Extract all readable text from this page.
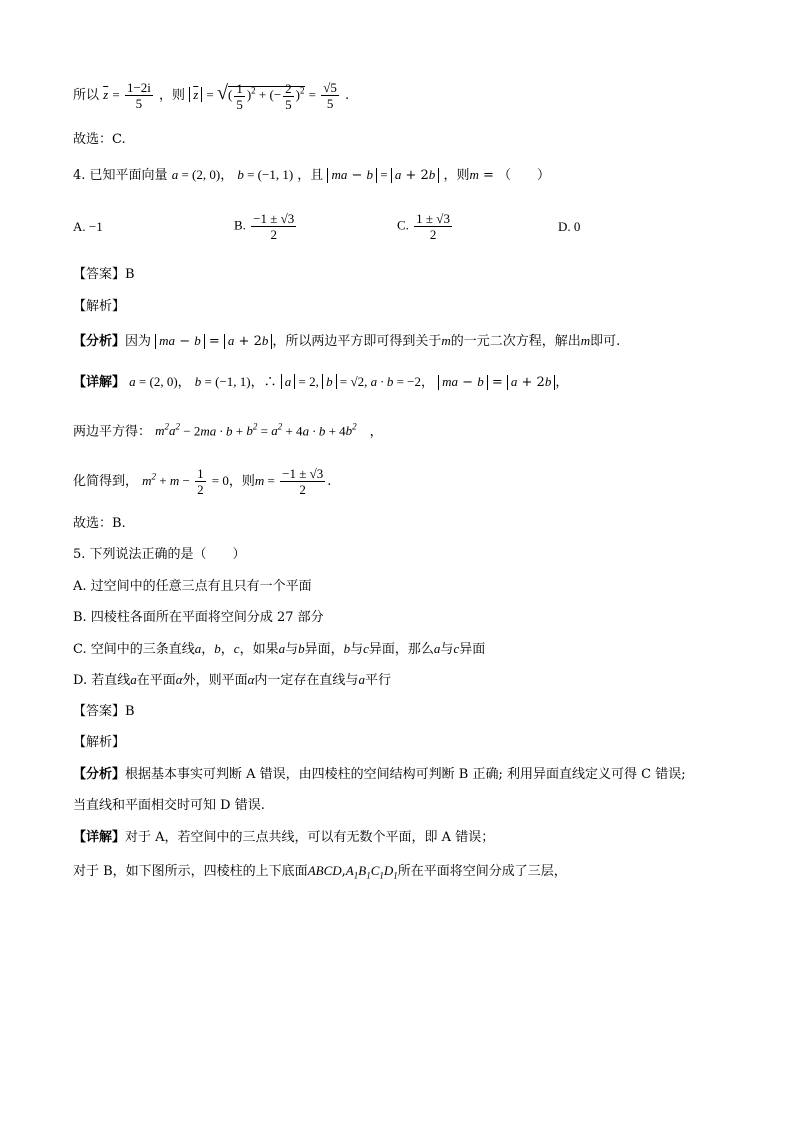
所以 $\overline{z} = \frac{1-2i}{5}$ ，则 $\overline{z}$ = √( $\frac{1}{5} )^2$ + (− $\frac{2}{5} )^2 = \frac{√5}{5}$ .
故选：C.
4. 已知平面向量 a = (2, 0)， b = (−1, 1) ，且 ma − b = a + 2b ，则m = （　　）
A. −1	B. $\frac{-1 \pm √3}{2}$	C. $\frac{1 \pm √3}{2}$	D. 0
【答案】B
【解析】
【分析】因为 ma − b = a + 2b ，所以两边平方即可得到关于m的一元二次方程，解出m即可.
【详解】 a = (2, 0)， b = (−1, 1)，∴ a = 2, b = √2, a · b = −2， ma − b = a + 2b ，
两边平方得： $m^2a^2 - 2ma \cdot b + b^2 = a^2 + 4a \cdot b + 4b^2$　，
化简得到， $m^2 + m - \frac{1}{2} = 0$，则$m = \frac{-1 \pm √3}{2}$ .
故选：B.
5. 下列说法正确的是（　　）
A. 过空间中的任意三点有且只有一个平面
B. 四棱柱各面所在平面将空间分成 27 部分
C. 空间中的三条直线a，b，c，如果a与b异面，b与c异面，那么a与c异面
D. 若直线a在平面α外，则平面α内一定存在直线与a平行
【答案】B
【解析】
【分析】根据基本事实可判断 A 错误，由四棱柱的空间结构可判断 B 正确; 利用异面直线定义可得 C 错误;
当直线和平面相交时可知 D 错误.
【详解】对于 A，若空间中的三点共线，可以有无数个平面，即 A 错误；
对于 B，如下图所示，四棱柱的上下底面$ABCD,A_1B_1C_1D_1$所在平面将空间分成了三层，
